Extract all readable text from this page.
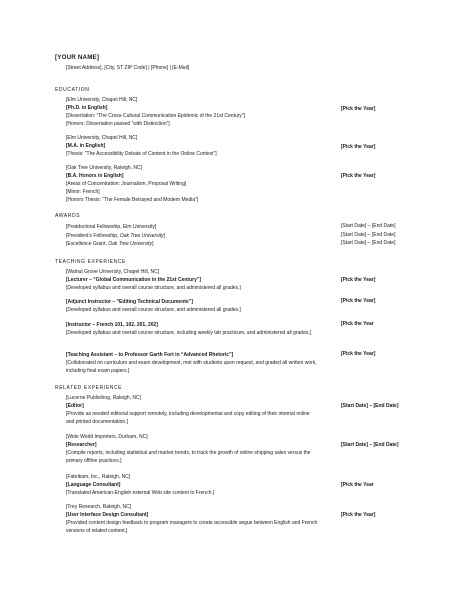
[YOUR NAME]
[Street Address], [City, ST ZIP Code] | [Phone] | [E-Mail]
EDUCATION
[Elm University, Chapel Hill, NC]
[Ph.D. in English]
[Dissertation: “The Cross-Cultural Communication Epidemic of the 21st Century”]
[Honors: Dissertation passed “with Distinction”]
[Pick the Year]
[Elm University, Chapel Hill, NC]
[M.A. in English]
[Thesis: “The Accessibility Debate of Content in the Online Context”]
[Pick the Year]
[Oak Tree University, Raleigh, NC]
[B.A. Honors in English]
[Areas of Concentration: Journalism, Proposal Writing]
[Minor: French]
[Honors Thesis: “The Female Betrayed and Modern Media”]
[Pick the Year]
AWARDS
[Postdoctoral Fellowship, Elm University]	[Start Date] – [End Date]
[President’s Fellowship, Oak Tree University]	[Start Date] – [End Date]
[Excellence Grant, Oak Tree University]	[Start Date] – [End Date]
TEACHING EXPERIENCE
[Walnut Grove University, Chapel Hill, NC]
[Lecturer – “Global Communication in the 21st Century”]
[Developed syllabus and overall course structure, and administered all grades.]
[Pick the Year]
[Adjunct Instructor – “Editing Technical Documents”]
[Developed syllabus and overall course structure, and administered all grades.]
[Pick the Year]
[Instructor – French 101, 102, 201, 202]
[Developed syllabus and overall course structure, including weekly lab practicum, and administered all grades.]
[Pick the Year
[Teaching Assistant – to Professor Garth Fort in “Advanced Rhetoric”]
[Collaborated on curriculum and exam development, met with students upon request, and graded all written work, including final exam papers.]
[Pick the Year]
RELATED EXPERIENCE
[Lucerne Publishing, Raleigh, NC]
[Editor]
[Provide as needed editorial support remotely, including developmental and copy editing of their internal online and printed documentation.]
[Start Date] – [End Date]
[Wide World Importers, Durham, NC]
[Researcher]
[Compile reports, including statistical and market trends, to track the growth of online shipping sales versus the primary offline practices.]
[Start Date] – [End Date]
[Fabrikam, Inc., Raleigh, NC]
[Language Consultant]
[Translated American-English external Web site content to French.]
[Pick the Year
[Trey Research, Raleigh, NC]
[User Interface Design Consultant]
[Provided content design feedback to program managers to create accessible segue between English and French versions of related content.]
[Pick the Year]
